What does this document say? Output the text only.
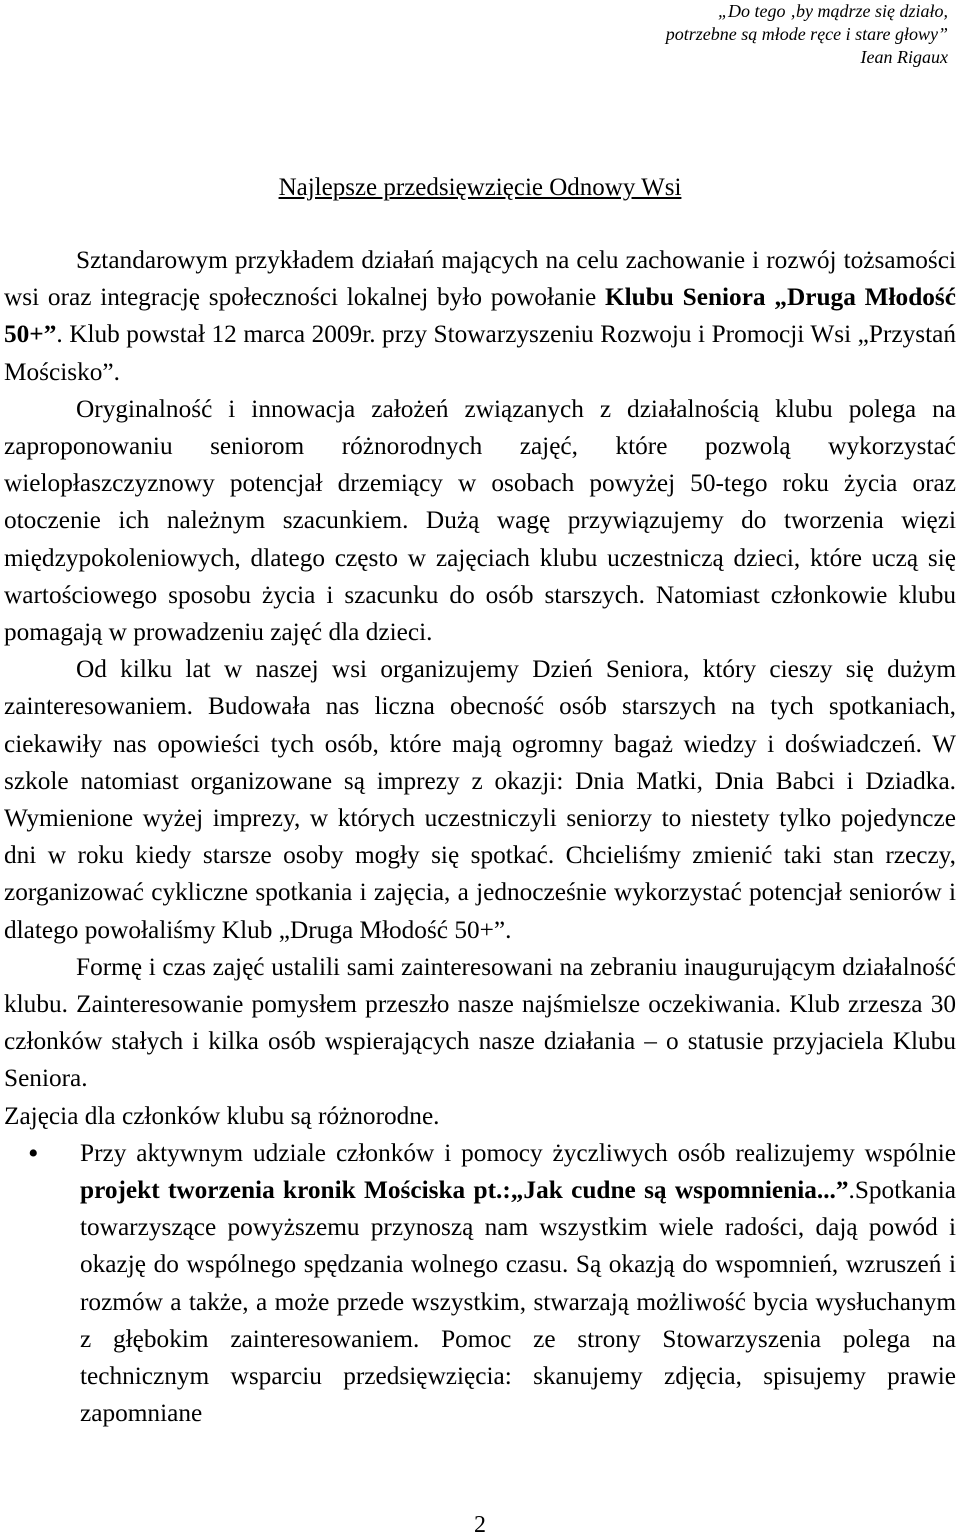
„Do tego ‚by mądrze się działo,
potrzebne są młode ręce i stare głowy”
Iean Rigaux
Najlepsze przedsięwzięcie Odnowy Wsi

Sztandarowym przykładem działań mających na celu zachowanie i rozwój tożsamości wsi oraz integrację społeczności lokalnej było powołanie Klubu Seniora „Druga Młodość 50+”. Klub powstał 12 marca 2009r. przy Stowarzyszeniu Rozwoju i Promocji Wsi „Przystań Mościsko”.

Oryginalność i innowacja założeń związanych z działalnością klubu polega na zaproponowaniu seniorom różnorodnych zajęć, które pozwolą wykorzystać wielopłaszczyznowy potencjał drzemiący w osobach powyżej 50-tego roku życia oraz otoczenie ich należnym szacunkiem. Dużą wagę przywiązujemy do tworzenia więzi międzypokoleniowych, dlatego często w zajęciach klubu uczestniczą dzieci, które uczą się wartościowego sposobu życia i szacunku do osób starszych. Natomiast członkowie klubu pomagają w prowadzeniu zajęć dla dzieci.

Od kilku lat w naszej wsi organizujemy Dzień Seniora, który cieszy się dużym zainteresowaniem. Budowała nas liczna obecność osób starszych na tych spotkaniach, ciekawiły nas opowieści tych osób, które mają ogromny bagaż wiedzy i doświadczeń. W szkole natomiast organizowane są imprezy z okazji: Dnia Matki, Dnia Babci i Dziadka. Wymienione wyżej imprezy, w których uczestniczyli seniorzy to niestety tylko pojedyncze dni w roku kiedy starsze osoby mogły się spotkać. Chcieliśmy zmienić taki stan rzeczy, zorganizować cykliczne spotkania i zajęcia, a jednocześnie wykorzystać potencjał seniorów i dlatego powołaliśmy Klub „Druga Młodość 50+”.

Formę i czas zajęć ustalili sami zainteresowani na zebraniu inaugurującym działalność klubu. Zainteresowanie pomysłem przeszło nasze najśmielsze oczekiwania. Klub zrzesza 30 członków stałych i kilka osób wspierających nasze działania – o statusie przyjaciela Klubu Seniora.

Zajęcia dla członków klubu są różnorodne.

• Przy aktywnym udziale członków i pomocy życzliwych osób realizujemy wspólnie projekt tworzenia kronik Mościska pt.:„Jak cudne są wspomnienia...”.Spotkania towarzyszące powyższemu przynoszą nam wszystkim wiele radości, dają powód i okazję do wspólnego spędzania wolnego czasu. Są okazją do wspomnień, wzruszeń i rozmów a także, a może przede wszystkim, stwarzają możliwość bycia wysłuchanym z głębokim zainteresowaniem. Pomoc ze strony Stowarzyszenia polega na technicznym wsparciu przedsięwzięcia: skanujemy zdjęcia, spisujemy prawie zapomniane
2
